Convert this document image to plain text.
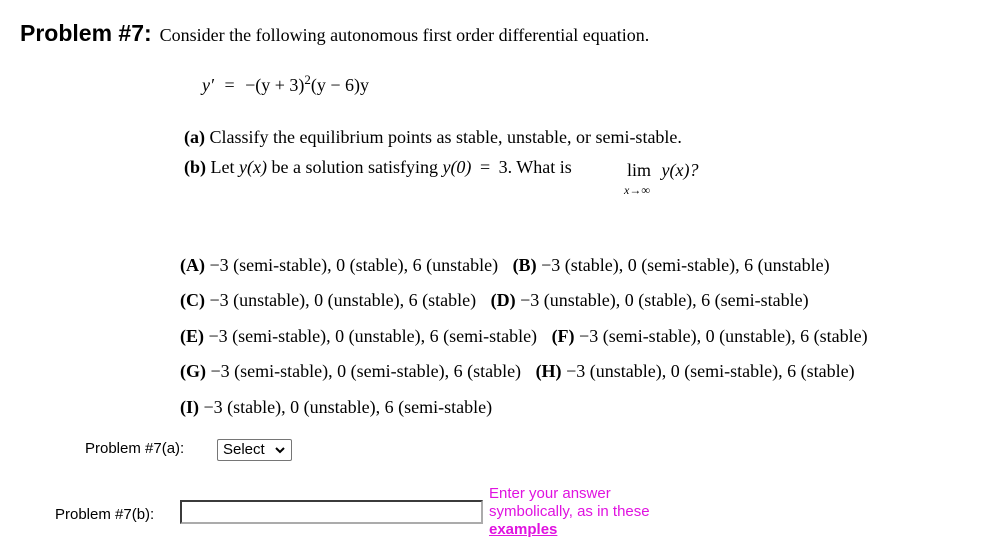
Problem #7: Consider the following autonomous first order differential equation.
$y' = -(y + 3)^2(y - 6)y$
(a) Classify the equilibrium points as stable, unstable, or semi-stable.
(b) Let y(x) be a solution satisfying y(0) = 3. What is	lim y(x)?
x→∞
(A) −3 (semi-stable), 0 (stable), 6 (unstable) (B) −3 (stable), 0 (semi-stable), 6 (unstable)
(C) −3 (unstable), 0 (unstable), 6 (stable) (D) −3 (unstable), 0 (stable), 6 (semi-stable)
(E) −3 (semi-stable), 0 (unstable), 6 (semi-stable) (F) −3 (semi-stable), 0 (unstable), 6 (stable)
(G) −3 (semi-stable), 0 (semi-stable), 6 (stable) (H) −3 (unstable), 0 (semi-stable), 6 (stable)
(I) −3 (stable), 0 (unstable), 6 (semi-stable)
Problem #7(a):	Select
Problem #7(b):
Enter your answer
symbolically, as in these
examples
